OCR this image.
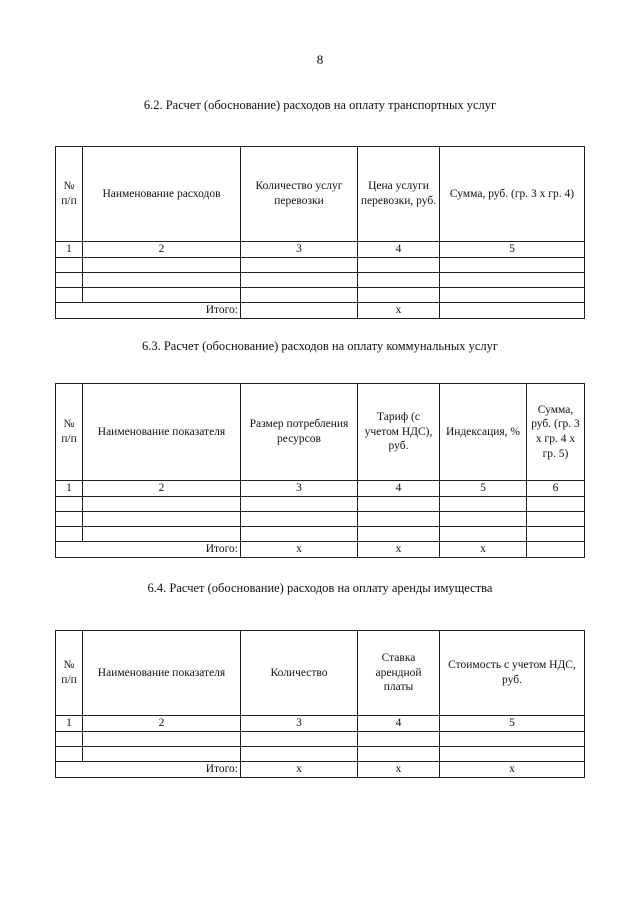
8
6.2. Расчет (обоснование) расходов на оплату транспортных услуг
№ п/п	Наименование расходов	Количество услуг перевозки	Цена услуги перевозки, руб.	Сумма, руб. (гр. 3 х гр. 4)
1	2	3	4	5

Итого:			x	
6.3. Расчет (обоснование) расходов на оплату коммунальных услуг
№ п/п	Наименование показателя	Размер потребления ресурсов	Тариф (с учетом НДС), руб.	Индексация, %	Сумма, руб. (гр. 3 х гр. 4 х гр. 5)
1	2	3	4	5	6

Итого:		x	x	x	
6.4. Расчет (обоснование) расходов на оплату аренды имущества
№ п/п	Наименование показателя	Количество	Ставка арендной платы	Стоимость с учетом НДС, руб.
1	2	3	4	5

Итого:		x	x	x
